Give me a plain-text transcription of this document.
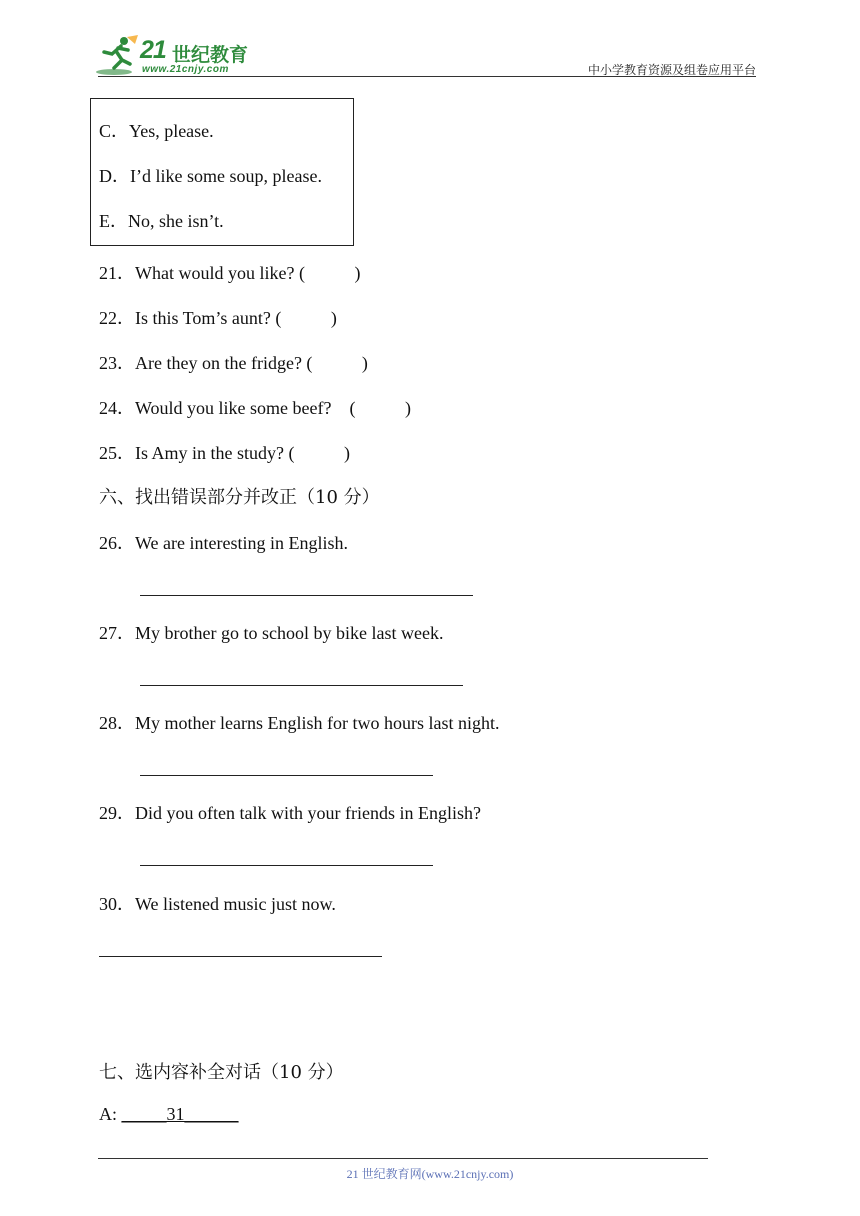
21 世纪教育
www.21cnjy.com	中小学教育资源及组卷应用平台
C．Yes, please.
D．I’d like some soup, please.
E．No, she isn’t.
21．What would you like? (           )
22．Is this Tom’s aunt? (           )
23．Are they on the fridge? (           )
24．Would you like some beef?    (           )
25．Is Amy in the study? (           )
六、找出错误部分并改正（10 分）
26．We are interesting in English.
27．My brother go to school by bike last week.
28．My mother learns English for two hours last night.
29．Did you often talk with your friends in English?
30．We listened music just now.
七、选内容补全对话（10 分）
A: _____31______
21 世纪教育网(www.21cnjy.com)
